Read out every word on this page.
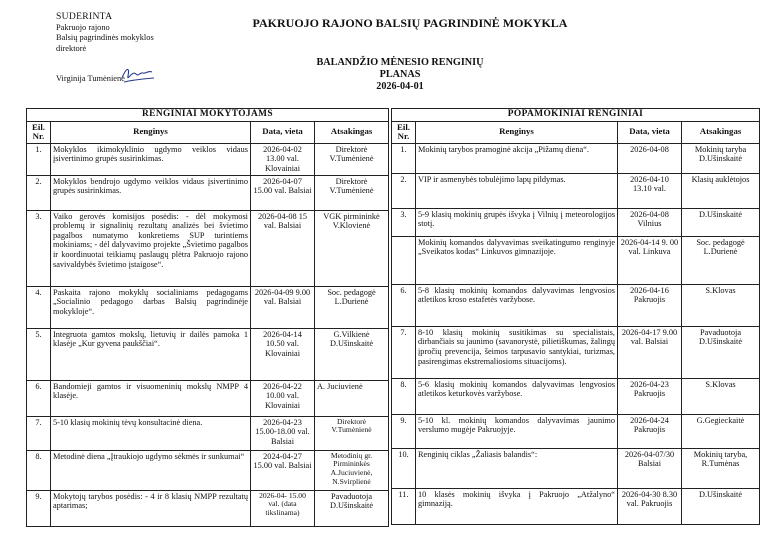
SUDERINTA
Pakruojo rajono
Balsių pagrindinės mokyklos
direktorė
Virginija Tumėnienė
PAKRUOJO RAJONO BALSIŲ PAGRINDINĖ MOKYKLA
BALANDŽIO MĖNESIO RENGINIŲ
PLANAS
2026-04-01
RENGINIAI MOKYTOJAMS			
Eil. Nr.	Renginys	Data, vieta	Atsakingas
1.	Mokyklos ikimokyklinio ugdymo veiklos vidaus įsivertinimo grupės susirinkimas.	2026-04-02 13.00 val. Klovainiai	Direktorė V.Tumėnienė
2.	Mokyklos bendrojo ugdymo veiklos vidaus įsivertinimo grupės susirinkimas.	2026-04-07 15.00 val. Balsiai	Direktorė V.Tumėnienė
3.	Vaiko gerovės komisijos posėdis: - dėl mokymosi problemų ir signalinių rezultatų analizės bei švietimo pagalbos numatymo konkretiems SUP turintiems mokiniams; - dėl dalyvavimo projekte „Švietimo pagalbos ir koordinuotai teikiamų paslaugų plėtra Pakruojo rajono savivaldybės švietimo įstaigose“.	2026-04-08 15 val. Balsiai	VGK pirmininkė V.Klovienė
4.	Paskaita rajono mokyklų socialiniams pedagogams „Socialinio pedagogo darbas Balsių pagrindinėje mokykloje“.	2026-04-09 9.00 val. Balsiai	Soc. pedagogė L.Durienė
5.	Integruota gamtos mokslų, lietuvių ir dailės pamoka 1 klasėje „Kur gyvena paukščiai“.	2026-04-14 10.50 val. Klovainiai	G.Vilkienė D.Ušinskaitė
6.	Bandomieji gamtos ir visuomeninių mokslų NMPP 4 klasėje.	2026-04-22 10.00 val. Klovainiai	A. Juciuvienė
7.	5-10 klasių mokinių tėvų konsultacinė diena.	2026-04-23 15.00-18.00 val. Balsiai	Direktorė V.Tumėnienė
8.	Metodinė diena „Įtraukiojo ugdymo sėkmės ir sunkumai“	2024-04-27 15.00 val. Balsiai	Metodinių gr. Pirmininkės A.Juciuvienė, N.Svirplienė
9.	Mokytojų tarybos posėdis: - 4 ir 8 klasių NMPP rezultatų aptarimas;	2026-04- 15.00 val. (data tikslinama)	Pavaduotoja D.Ušinskaitė
POPAMOKINIAI RENGINIAI			
Eil. Nr.	Renginys	Data, vieta	Atsakingas
1.	Mokinių tarybos pramoginė akcija „Pižamų diena“.	2026-04-08	Mokinių taryba D.Ušinskaitė
2.	VIP ir asmenybės tobulėjimo lapų pildymas.	2026-04-10 13.10 val.	Klasių auklėtojos
3.	5-9 klasių mokinių grupės išvyka į Vilnių į meteorologijos stotį.	2026-04-08 Vilnius	D.Ušinskaitė
	Mokinių komandos dalyvavimas sveikatingumo renginyje „Sveikatos kodas“ Linkuvos gimnazijoje.	2026-04-14 9. 00 val. Linkuva	Soc. pedagogė L.Durienė
6.	5-8 klasių mokinių komandos dalyvavimas lengvosios atletikos kroso estafetės varžybose.	2026-04-16 Pakruojis	S.Klovas
7.	8-10 klasių mokinių susitikimas su specialistais, dirbančiais su jaunimo (savanorystė, pilietiškumas, žalingų įpročių prevencija, šeimos tarpusavio santykiai, turizmas, pasirengimas ekstremaliosioms situacijoms).	2026-04-17 9.00 val. Balsiai	Pavaduotoja D.Ušinskaitė
8.	5-6 klasių mokinių komandos dalyvavimas lengvosios atletikos keturkovės varžybose.	2026-04-23 Pakruojis	S.Klovas
9.	5-10 kl. mokinių komandos dalyvavimas jaunimo verslumo mugėje Pakruojyje.	2026-04-24 Pakruojis	G.Gegieckaitė
10.	Renginių ciklas „Žaliasis balandis“:	2026-04-07/30 Balsiai	Mokinių taryba, R.Tumėnas
11.	10 klasės mokinių išvyka į Pakruojo „Atžalyno“ gimnaziją.	2026-04-30 8.30 val. Pakruojis	D.Ušinskaitė
